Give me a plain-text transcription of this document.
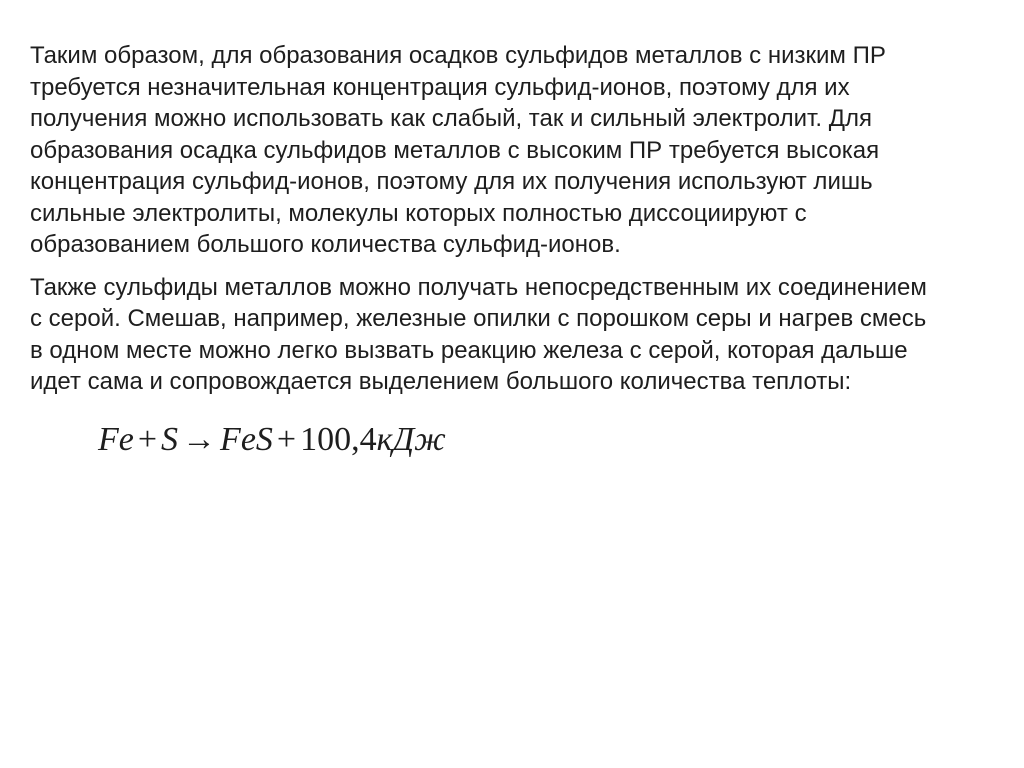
Таким образом, для образования осадков сульфидов металлов с низким ПР
требуется незначительная концентрация сульфид-ионов, поэтому для их
получения можно использовать как слабый, так и сильный электролит. Для
образования осадка сульфидов металлов с высоким ПР требуется высокая
концентрация сульфид-ионов, поэтому для их получения используют лишь
сильные электролиты, молекулы которых полностью диссоциируют с
образованием большого количества сульфид-ионов.

Также сульфиды металлов можно получать непосредственным их соединением
с серой. Смешав, например, железные опилки с порошком серы и нагрев смесь
в одном месте можно легко вызвать реакцию железа с серой, которая дальше
идет сама и сопровождается выделением большого количества теплоты:

Fe + S → FeS + 100,4кДж
